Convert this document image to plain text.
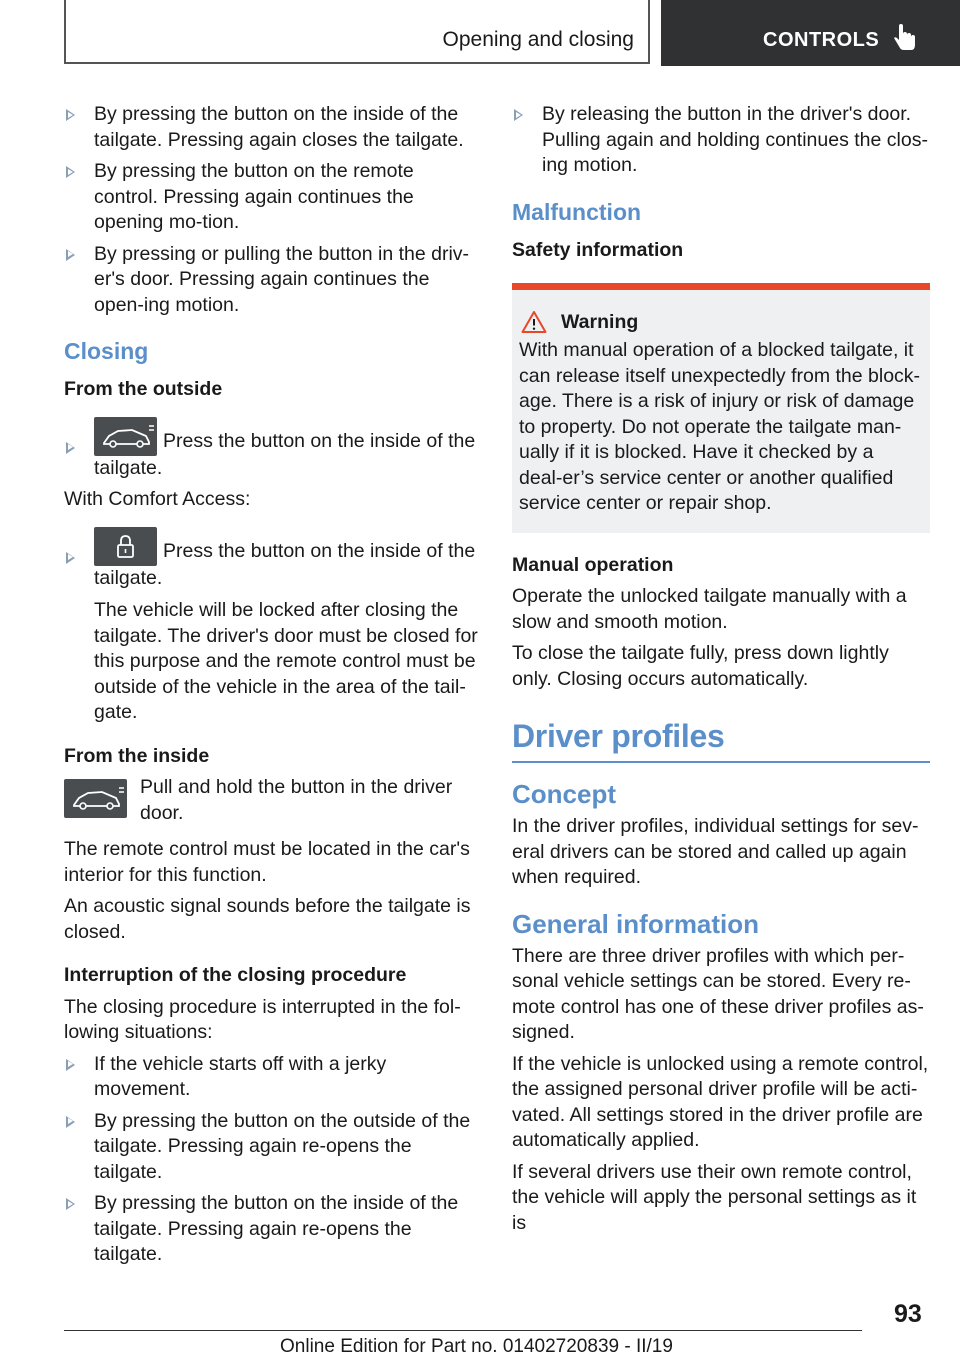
Opening and closing	CONTROLS
By pressing the button on the inside of the tailgate. Pressing again closes the tailgate.
By pressing the button on the remote control. Pressing again continues the opening mo-tion.
By pressing or pulling the button in the driv-er's door. Pressing again continues the open-ing motion.
Closing
From the outside
Press the button on the inside of the tailgate.
With Comfort Access:
Press the button on the inside of the tailgate.
The vehicle will be locked after closing the tailgate. The driver's door must be closed for this purpose and the remote control must be outside of the vehicle in the area of the tail-gate.
From the inside
Pull and hold the button in the driver door.
The remote control must be located in the car's interior for this function.
An acoustic signal sounds before the tailgate is closed.
Interruption of the closing procedure
The closing procedure is interrupted in the fol-lowing situations:
If the vehicle starts off with a jerky movement.
By pressing the button on the outside of the tailgate. Pressing again re-opens the tailgate.
By pressing the button on the inside of the tailgate. Pressing again re-opens the tailgate.
By releasing the button in the driver's door. Pulling again and holding continues the clos-ing motion.
Malfunction
Safety information
Warning
With manual operation of a blocked tailgate, it can release itself unexpectedly from the block-age. There is a risk of injury or risk of damage to property. Do not operate the tailgate man-ually if it is blocked. Have it checked by a deal-er’s service center or another qualified service center or repair shop.
Manual operation
Operate the unlocked tailgate manually with a slow and smooth motion.
To close the tailgate fully, press down lightly only. Closing occurs automatically.
Driver profiles
Concept
In the driver profiles, individual settings for sev-eral drivers can be stored and called up again when required.
General information
There are three driver profiles with which per-sonal vehicle settings can be stored. Every re-mote control has one of these driver profiles as-signed.
If the vehicle is unlocked using a remote control, the assigned personal driver profile will be acti-vated. All settings stored in the driver profile are automatically applied.
If several drivers use their own remote control, the vehicle will apply the personal settings as it is
93
Online Edition for Part no. 01402720839 - II/19
